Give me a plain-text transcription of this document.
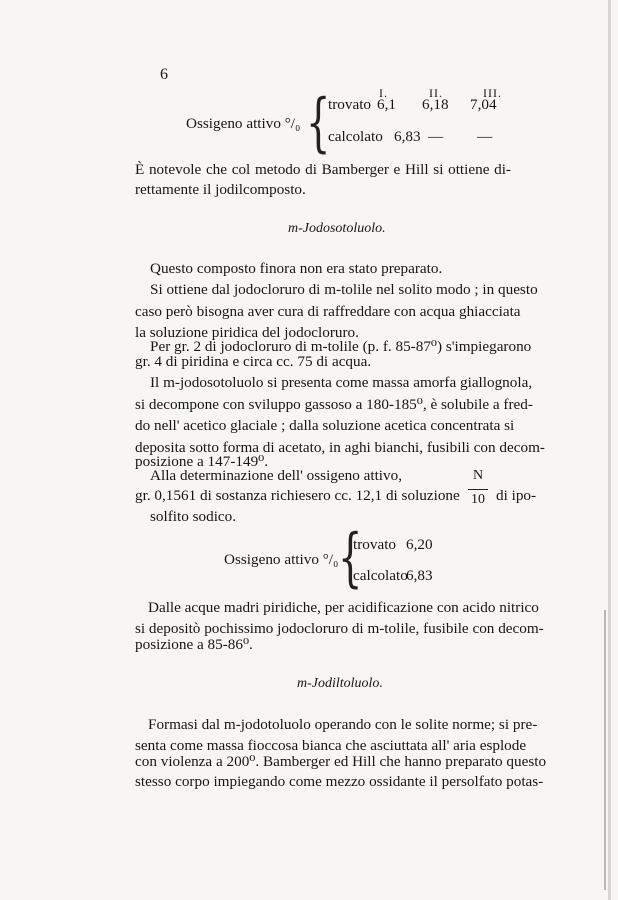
6
I.	II.	III.
Ossigeno attivo °/₀ {
trovato 6,1 6,18 7,04
calcolato 6,83 — —
È notevole che col metodo di Bamberger e Hill si ottiene di-
rettamente il jodilcomposto.
m-Jodosotoluolo.
Questo composto finora non era stato preparato.
Si ottiene dal jodocloruro di m-tolile nel solito modo ; in questo
caso però bisogna aver cura di raffreddare con acqua ghiacciata
la soluzione piridica del jodocloruro.
Per gr. 2 di jodocloruro di m-tolile (p. f. 85-87⁰) s'impiegarono
gr. 4 di piridina e circa cc. 75 di acqua.
Il m-jodosotoluolo si presenta come massa amorfa giallognola,
si decompone con sviluppo gassoso a 180-185⁰, è solubile a fred-
do nell' acetico glaciale ; dalla soluzione acetica concentrata si
deposita sotto forma di acetato, in aghi bianchi, fusibili con decom-
posizione a 147-149⁰.
Alla determinazione dell' ossigeno attivo,
gr. 0,1561 di sostanza richiesero cc. 12,1 di soluzione
N
10 di ipo-
solfito sodico.
Ossigeno attivo °/₀ {
trovato 6,20
calcolato
6,83
Dalle acque madri piridiche, per acidificazione con acido nitrico
si depositò pochissimo jodocloruro di m-tolile, fusibile con decom-
posizione a 85-86⁰.
m-Jodiltoluolo.
Formasi dal m-jodotoluolo operando con le solite norme; si pre-
senta come massa fioccosa bianca che asciuttata all' aria esplode
con violenza a 200⁰. Bamberger ed Hill che hanno preparato questo
stesso corpo impiegando come mezzo ossidante il persolfato potas-
